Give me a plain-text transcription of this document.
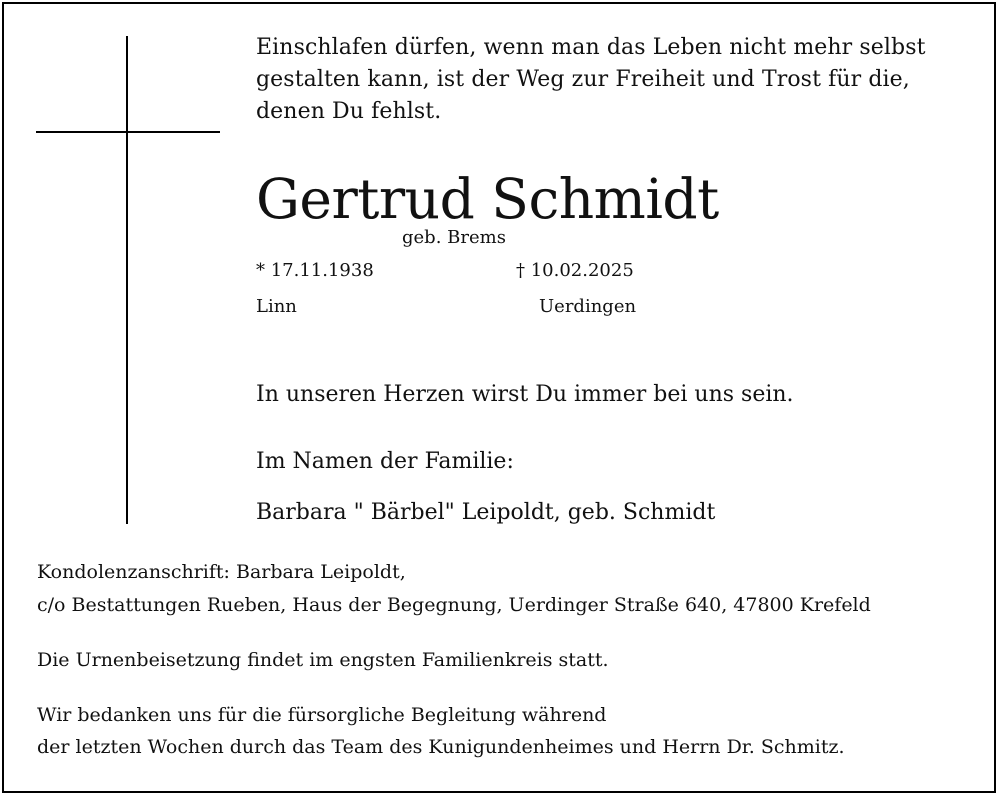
Einschlafen dürfen, wenn man das Leben nicht mehr selbst
gestalten kann, ist der Weg zur Freiheit und Trost für die,
denen Du fehlst.
Gertrud Schmidt
geb. Brems
* 17.11.1938	† 10.02.2025
Linn	Uerdingen
In unseren Herzen wirst Du immer bei uns sein.
Im Namen der Familie:
Barbara " Bärbel" Leipoldt, geb. Schmidt
Kondolenzanschrift: Barbara Leipoldt,
c/o Bestattungen Rueben, Haus der Begegnung, Uerdinger Straße 640, 47800 Krefeld
Die Urnenbeisetzung findet im engsten Familienkreis statt.
Wir bedanken uns für die fürsorgliche Begleitung während
der letzten Wochen durch das Team des Kunigundenheimes und Herrn Dr. Schmitz.
